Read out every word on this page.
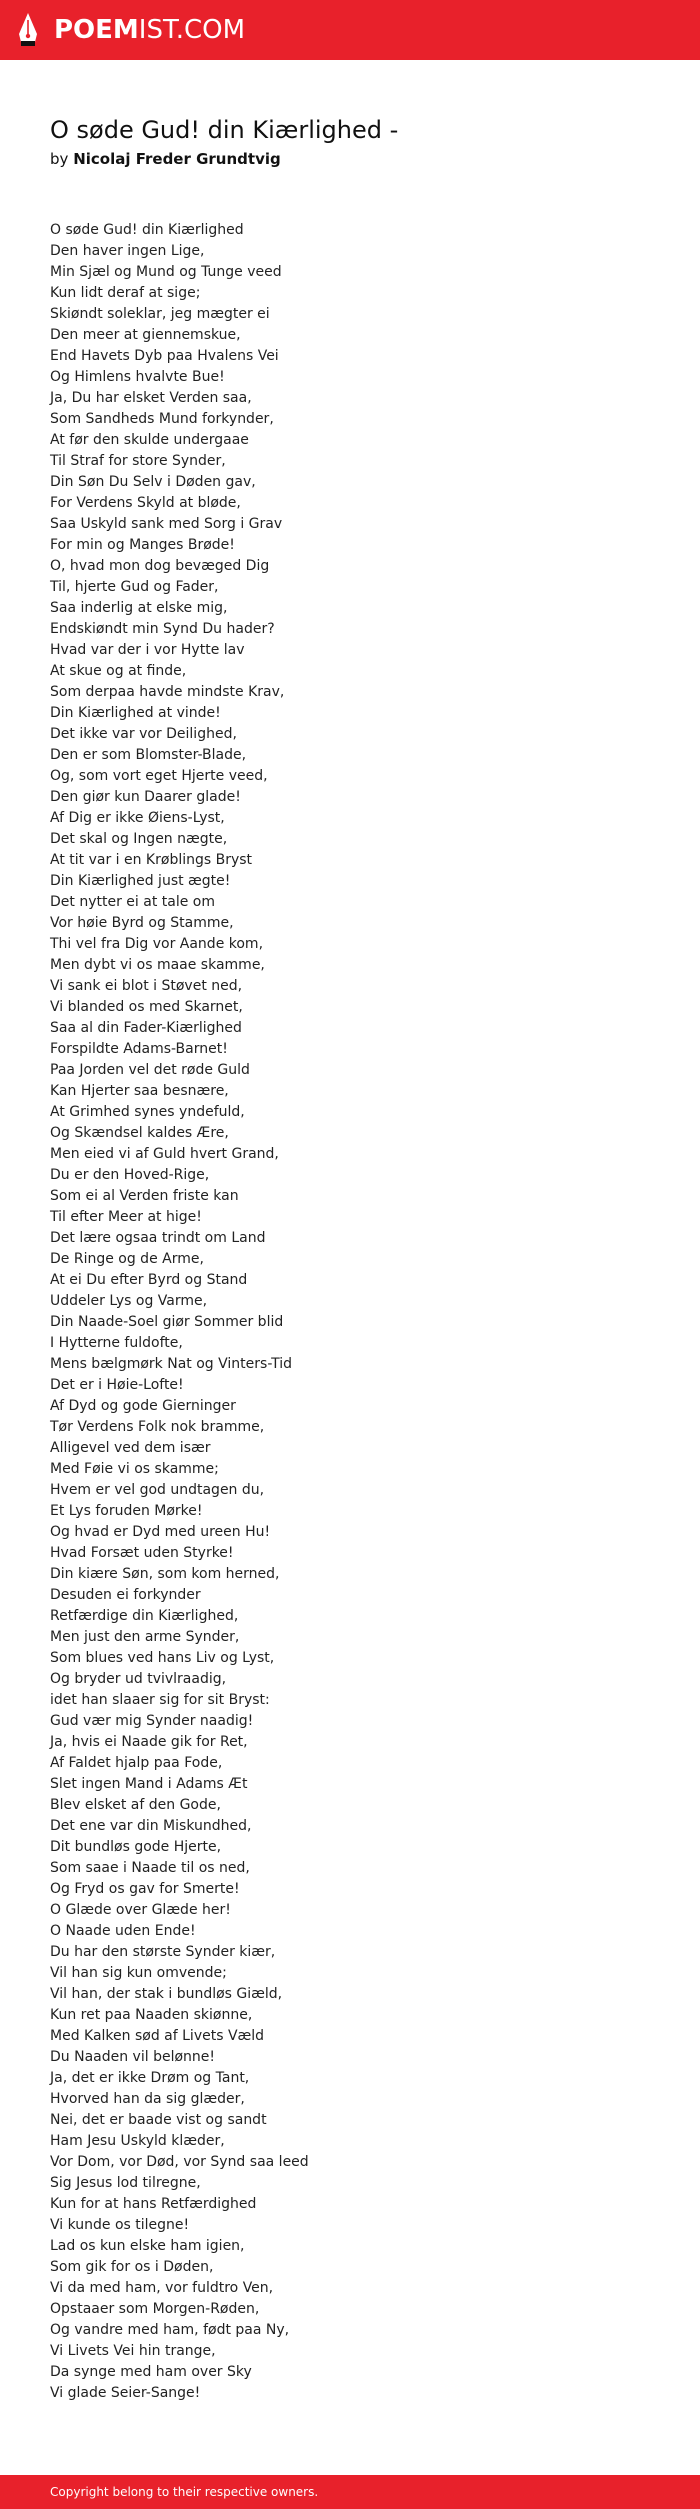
POEMIST.COM
O søde Gud! din Kiærlighed -
by Nicolaj Freder Grundtvig
O søde Gud! din Kiærlighed
Den haver ingen Lige,
Min Sjæl og Mund og Tunge veed
Kun lidt deraf at sige;
Skiøndt soleklar, jeg mægter ei
Den meer at giennemskue,
End Havets Dyb paa Hvalens Vei
Og Himlens hvalvte Bue!
Ja, Du har elsket Verden saa,
Som Sandheds Mund forkynder,
At før den skulde undergaae
Til Straf for store Synder,
Din Søn Du Selv i Døden gav,
For Verdens Skyld at bløde,
Saa Uskyld sank med Sorg i Grav
For min og Manges Brøde!
O, hvad mon dog bevæged Dig
Til, hjerte Gud og Fader,
Saa inderlig at elske mig,
Endskiøndt min Synd Du hader?
Hvad var der i vor Hytte lav
At skue og at finde,
Som derpaa havde mindste Krav,
Din Kiærlighed at vinde!
Det ikke var vor Deilighed,
Den er som Blomster-Blade,
Og, som vort eget Hjerte veed,
Den giør kun Daarer glade!
Af Dig er ikke Øiens-Lyst,
Det skal og Ingen nægte,
At tit var i en Krøblings Bryst
Din Kiærlighed just ægte!
Det nytter ei at tale om
Vor høie Byrd og Stamme,
Thi vel fra Dig vor Aande kom,
Men dybt vi os maae skamme,
Vi sank ei blot i Støvet ned,
Vi blanded os med Skarnet,
Saa al din Fader-Kiærlighed
Forspildte Adams-Barnet!
Paa Jorden vel det røde Guld
Kan Hjerter saa besnære,
At Grimhed synes yndefuld,
Og Skændsel kaldes Ære,
Men eied vi af Guld hvert Grand,
Du er den Hoved-Rige,
Som ei al Verden friste kan
Til efter Meer at hige!
Det lære ogsaa trindt om Land
De Ringe og de Arme,
At ei Du efter Byrd og Stand
Uddeler Lys og Varme,
Din Naade-Soel giør Sommer blid
I Hytterne fuldofte,
Mens bælgmørk Nat og Vinters-Tid
Det er i Høie-Lofte!
Af Dyd og gode Gierninger
Tør Verdens Folk nok bramme,
Alligevel ved dem især
Med Føie vi os skamme;
Hvem er vel god undtagen du,
Et Lys foruden Mørke!
Og hvad er Dyd med ureen Hu!
Hvad Forsæt uden Styrke!
Din kiære Søn, som kom herned,
Desuden ei forkynder
Retfærdige din Kiærlighed,
Men just den arme Synder,
Som blues ved hans Liv og Lyst,
Og bryder ud tvivlraadig,
idet han slaaer sig for sit Bryst:
Gud vær mig Synder naadig!
Ja, hvis ei Naade gik for Ret,
Af Faldet hjalp paa Fode,
Slet ingen Mand i Adams Æt
Blev elsket af den Gode,
Det ene var din Miskundhed,
Dit bundløs gode Hjerte,
Som saae i Naade til os ned,
Og Fryd os gav for Smerte!
O Glæde over Glæde her!
O Naade uden Ende!
Du har den største Synder kiær,
Vil han sig kun omvende;
Vil han, der stak i bundløs Giæld,
Kun ret paa Naaden skiønne,
Med Kalken sød af Livets Væld
Du Naaden vil belønne!
Ja, det er ikke Drøm og Tant,
Hvorved han da sig glæder,
Nei, det er baade vist og sandt
Ham Jesu Uskyld klæder,
Vor Dom, vor Død, vor Synd saa leed
Sig Jesus lod tilregne,
Kun for at hans Retfærdighed
Vi kunde os tilegne!
Lad os kun elske ham igien,
Som gik for os i Døden,
Vi da med ham, vor fuldtro Ven,
Opstaaer som Morgen-Røden,
Og vandre med ham, født paa Ny,
Vi Livets Vei hin trange,
Da synge med ham over Sky
Vi glade Seier-Sange!
Copyright belong to their respective owners.
